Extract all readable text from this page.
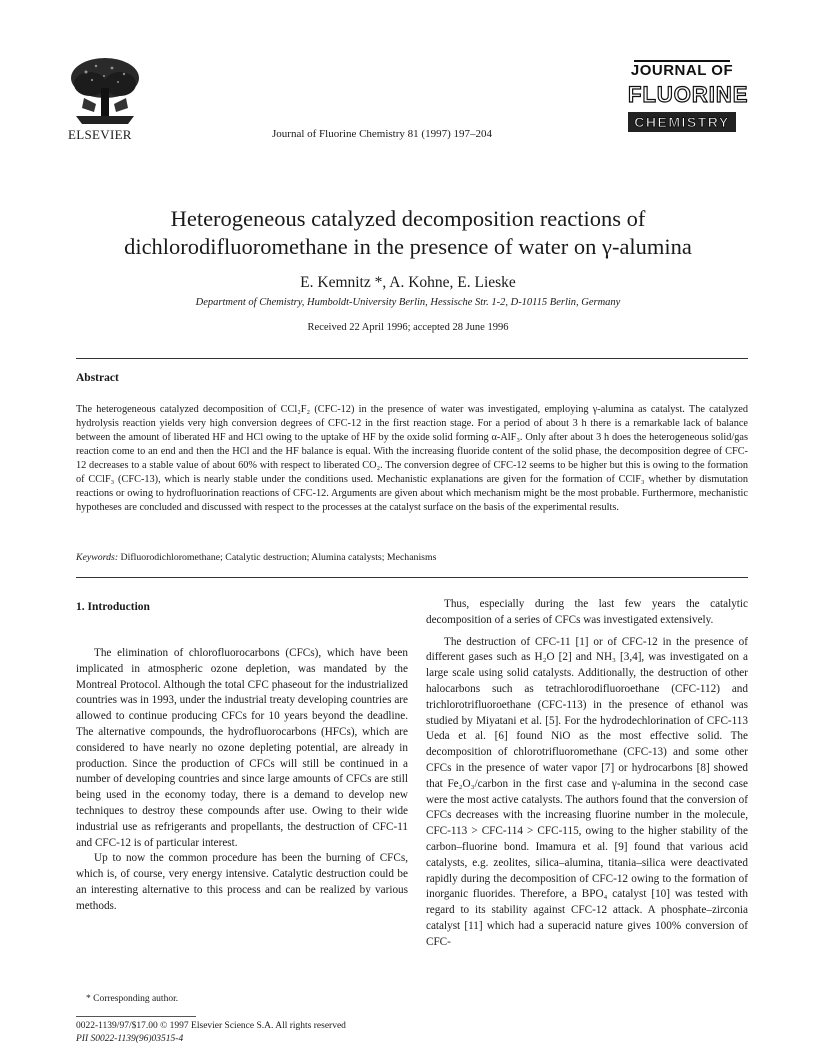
ELSEVIER	Journal of Fluorine Chemistry 81 (1997) 197–204
JOURNAL OF
FLUORINE
CHEMISTRY
Heterogeneous catalyzed decomposition reactions of
dichlorodifluoromethane in the presence of water on γ-alumina
E. Kemnitz *, A. Kohne, E. Lieske
Department of Chemistry, Humboldt-University Berlin, Hessische Str. 1-2, D-10115 Berlin, Germany
Received 22 April 1996; accepted 28 June 1996
Abstract
The heterogeneous catalyzed decomposition of CCl₂F₂ (CFC-12) in the presence of water was investigated, employing γ-alumina as catalyst. The catalyzed hydrolysis reaction yields very high conversion degrees of CFC-12 in the first reaction stage. For a period of about 3 h there is a remarkable lack of balance between the amount of liberated HF and HCl owing to the uptake of HF by the oxide solid forming α-AlF₃. Only after about 3 h does the heterogeneous solid/gas reaction come to an end and then the HCl and the HF balance is equal. With the increasing fluoride content of the solid phase, the decomposition degree of CFC-12 decreases to a stable value of about 60% with respect to liberated CO₂. The conversion degree of CFC-12 seems to be higher but this is owing to the formation of CClF₃ (CFC-13), which is nearly stable under the conditions used. Mechanistic explanations are given for the formation of CClF₃ whether by dismutation reactions or owing to hydrofluorination reactions of CFC-12. Arguments are given about which mechanism might be the most probable. Furthermore, mechanistic hypotheses are concluded and discussed with respect to the processes at the catalyst surface on the basis of the experimental results.
Keywords: Difluorodichloromethane; Catalytic destruction; Alumina catalysts; Mechanisms
1. Introduction

The elimination of chlorofluorocarbons (CFCs), which have been implicated in atmospheric ozone depletion, was mandated by the Montreal Protocol. Although the total CFC phaseout for the industrialized countries was in 1993, under the industrial treaty developing countries are allowed to continue producing CFCs for 10 years beyond the deadline. The alternative compounds, the hydrofluorocarbons (HFCs), which are considered to have nearly no ozone depleting potential, are already in production. Since the production of CFCs will still be continued in a number of developing countries and since large amounts of CFCs are still being used in the economy today, there is a demand to develop new techniques to destroy these compounds after use. Owing to their wide industrial use as refrigerants and propellants, the destruction of CFC-11 and CFC-12 is of particular interest.

Up to now the common procedure has been the burning of CFCs, which is, of course, very energy intensive. Catalytic destruction could be an interesting alternative to this process and can be realized by various methods.

Thus, especially during the last few years the catalytic decomposition of a series of CFCs was investigated extensively.

The destruction of CFC-11 [1] or of CFC-12 in the presence of different gases such as H₂O [2] and NH₃ [3,4], was investigated on a large scale using solid catalysts. Additionally, the destruction of other halocarbons such as tetrachlorodifluoroethane (CFC-112) and trichlorotrifluoroethane (CFC-113) in the presence of ethanol was studied by Miyatani et al. [5]. For the hydrodechlorination of CFC-113 Ueda et al. [6] found NiO as the most effective solid. The decomposition of chlorotrifluoromethane (CFC-13) and some other CFCs in the presence of water vapor [7] or hydrocarbons [8] showed that Fe₂O₃/carbon in the first case and γ-alumina in the second case were the most active catalysts. The authors found that the conversion of CFCs decreases with the increasing fluorine number in the molecule, CFC-113 > CFC-114 > CFC-115, owing to the higher stability of the carbon–fluorine bond. Imamura et al. [9] found that various acid catalysts, e.g. zeolites, silica–alumina, titania–silica were deactivated rapidly during the decomposition of CFC-12 owing to the formation of inorganic fluorides. Therefore, a BPO₄ catalyst [10] was tested with regard to its stability against CFC-12 attack. A phosphate–zirconia catalyst [11] which had a superacid nature gives 100% conversion of CFC-

* Corresponding author.
0022-1139/97/$17.00 © 1997 Elsevier Science S.A. All rights reserved
PII S0022-1139(96)03515-4
